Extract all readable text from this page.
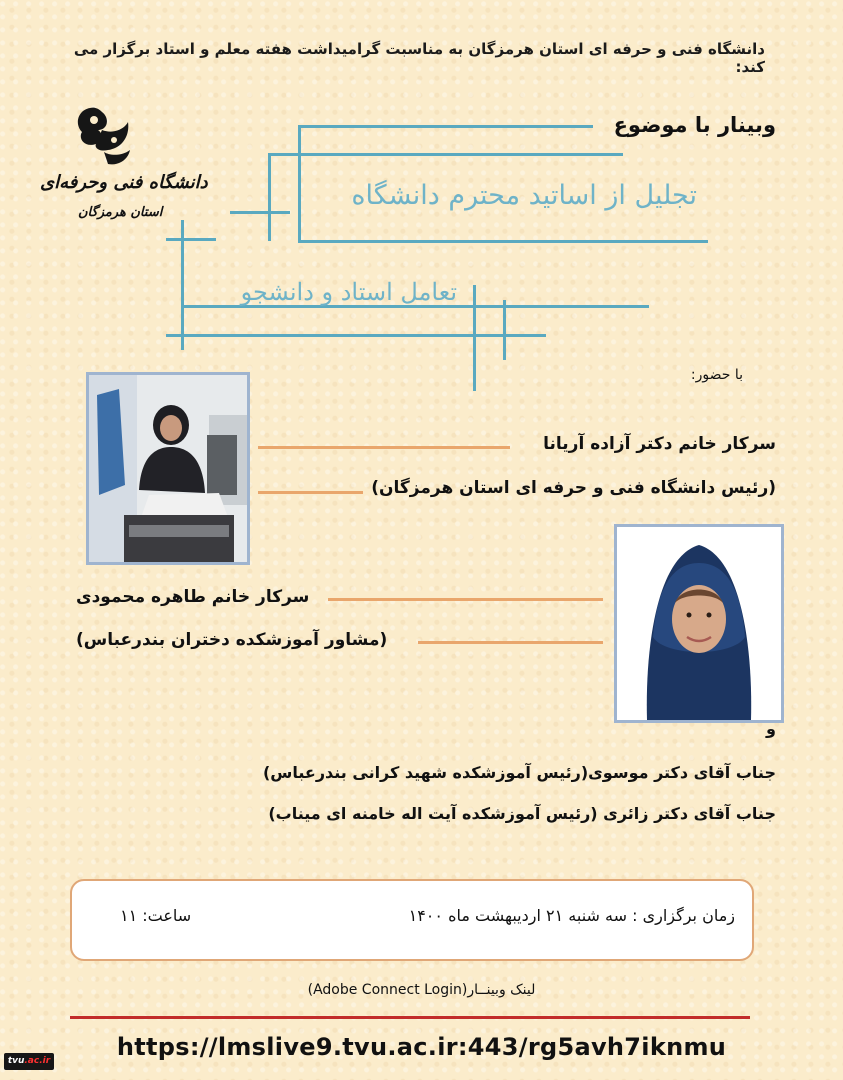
دانشگاه فنی و حرفه ای استان هرمزگان به مناسبت گرامیداشت هفته معلم و استاد برگزار می کند:
دانشگاه فنی وحرفه‌ای
استان هرمزگان
وبینار با موضوع
تجلیل از اساتید محترم دانشگاه
تعامل استاد و دانشجو
با حضور:
سرکار خانم دکتر آزاده آریانا
(رئیس دانشگاه فنی و حرفه ای استان هرمزگان)
سرکار خانم طاهره محمودی
(مشاور آموزشکده دختران بندرعباس)
و
جناب آقای دکتر موسوی(رئیس آموزشکده شهید کرانی بندرعباس)
جناب آقای دکتر زائری (رئیس آموزشکده آیت اله خامنه ای میناب)
زمان برگزاری : سه شنبه ۲۱ اردیبهشت ماه ۱۴۰۰
ساعت: ۱۱
لینک وبینــار(Adobe Connect Login)
https://lmslive9.tvu.ac.ir:443/rg5avh7iknmu
tvu.ac.ir
